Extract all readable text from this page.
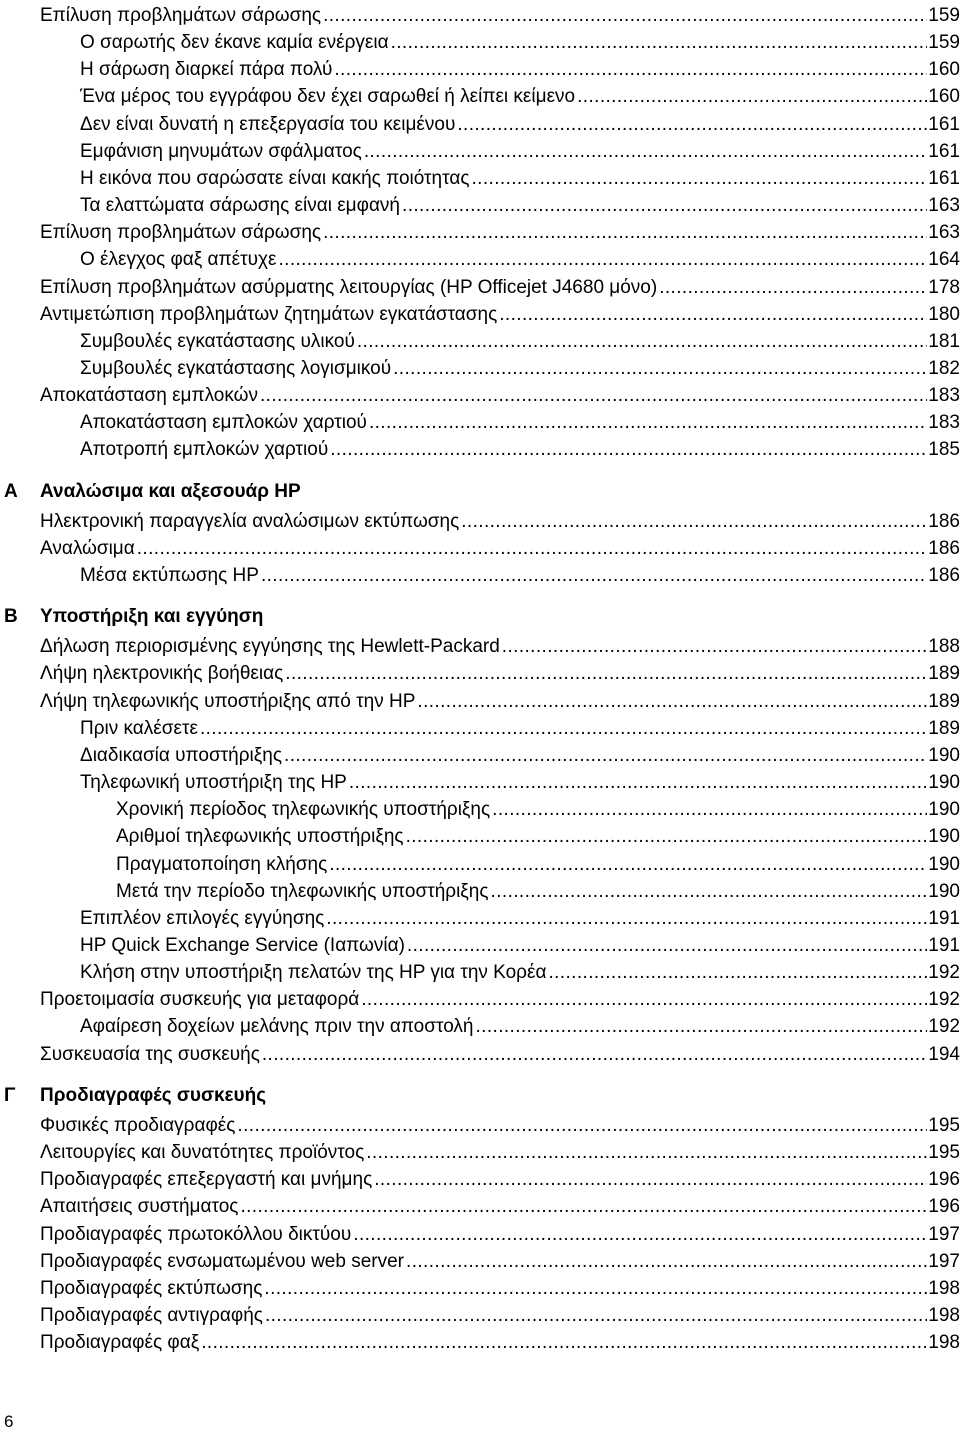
Επίλυση προβλημάτων σάρωσης .....	159
Ο σαρωτής δεν έκανε καμία ενέργεια .....	159
Η σάρωση διαρκεί πάρα πολύ .....	160
Ένα μέρος του εγγράφου δεν έχει σαρωθεί ή λείπει κείμενο .....	160
Δεν είναι δυνατή η επεξεργασία του κειμένου .....	161
Εμφάνιση μηνυμάτων σφάλματος .....	161
Η εικόνα που σαρώσατε είναι κακής ποιότητας .....	161
Τα ελαττώματα σάρωσης είναι εμφανή .....	163
Επίλυση προβλημάτων σάρωσης .....	163
Ο έλεγχος φαξ απέτυχε .....	164
Επίλυση προβλημάτων ασύρματης λειτουργίας (HP Officejet J4680 μόνο) .....	178
Αντιμετώπιση προβλημάτων ζητημάτων εγκατάστασης .....	180
Συμβουλές εγκατάστασης υλικού .....	181
Συμβουλές εγκατάστασης λογισμικού .....	182
Αποκατάσταση εμπλοκών .....	183
Αποκατάσταση εμπλοκών χαρτιού .....	183
Αποτροπή εμπλοκών χαρτιού .....	185
A Αναλώσιμα και αξεσουάρ HP
Ηλεκτρονική παραγγελία αναλώσιμων εκτύπωσης .....	186
Αναλώσιμα .....	186
Μέσα εκτύπωσης HP .....	186
B Υποστήριξη και εγγύηση
Δήλωση περιορισμένης εγγύησης της Hewlett-Packard .....	188
Λήψη ηλεκτρονικής βοήθειας .....	189
Λήψη τηλεφωνικής υποστήριξης από την HP .....	189
Πριν καλέσετε .....	189
Διαδικασία υποστήριξης .....	190
Τηλεφωνική υποστήριξη της HP .....	190
Χρονική περίοδος τηλεφωνικής υποστήριξης .....	190
Αριθμοί τηλεφωνικής υποστήριξης .....	190
Πραγματοποίηση κλήσης .....	190
Μετά την περίοδο τηλεφωνικής υποστήριξης .....	190
Επιπλέον επιλογές εγγύησης .....	191
HP Quick Exchange Service (Ιαπωνία) .....	191
Κλήση στην υποστήριξη πελατών της HP για την Κορέα .....	192
Προετοιμασία συσκευής για μεταφορά .....	192
Αφαίρεση δοχείων μελάνης πριν την αποστολή .....	192
Συσκευασία της συσκευής .....	194
Γ Προδιαγραφές συσκευής
Φυσικές προδιαγραφές .....	195
Λειτουργίες και δυνατότητες προϊόντος .....	195
Προδιαγραφές επεξεργαστή και μνήμης .....	196
Απαιτήσεις συστήματος .....	196
Προδιαγραφές πρωτοκόλλου δικτύου .....	197
Προδιαγραφές ενσωματωμένου web server .....	197
Προδιαγραφές εκτύπωσης .....	198
Προδιαγραφές αντιγραφής .....	198
Προδιαγραφές φαξ .....	198
6
